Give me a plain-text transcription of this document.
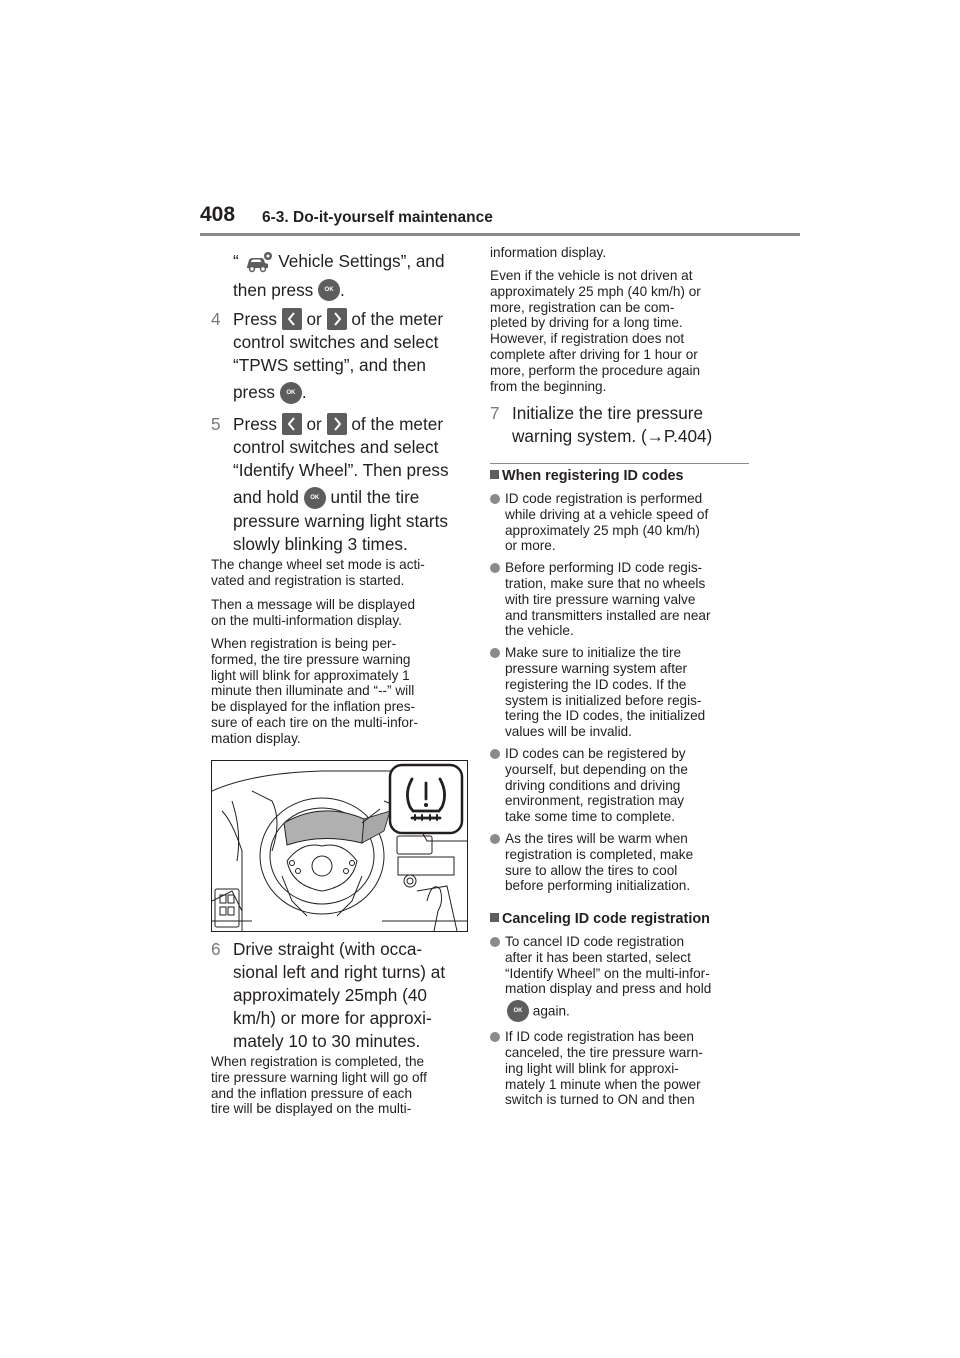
408 6-3. Do-it-yourself maintenance
“  Vehicle Settings”, and
then press OK .
4 Press  or  of the meter
control switches and select
“TPWS setting”, and then
press OK .
5 Press  or  of the meter
control switches and select
“Identify Wheel”. Then press
and hold OK until the tire
pressure warning light starts
slowly blinking 3 times.
The change wheel set mode is acti-
vated and registration is started.
Then a message will be displayed
on the multi-information display.
When registration is being per-
formed, the tire pressure warning
light will blink for approximately 1
minute then illuminate and “--” will
be displayed for the inflation pres-
sure of each tire on the multi-infor-
mation display.
6 Drive straight (with occa-
sional left and right turns) at
approximately 25mph (40
km/h) or more for approxi-
mately 10 to 30 minutes.
When registration is completed, the
tire pressure warning light will go off
and the inflation pressure of each
tire will be displayed on the multi-
information display.
Even if the vehicle is not driven at
approximately 25 mph (40 km/h) or
more, registration can be com-
pleted by driving for a long time.
However, if registration does not
complete after driving for 1 hour or
more, perform the procedure again
from the beginning.
7 Initialize the tire pressure
warning system. (→P.404)
When registering ID codes
ID code registration is performed
while driving at a vehicle speed of
approximately 25 mph (40 km/h)
or more.
Before performing ID code regis-
tration, make sure that no wheels
with tire pressure warning valve
and transmitters installed are near
the vehicle.
Make sure to initialize the tire
pressure warning system after
registering the ID codes. If the
system is initialized before regis-
tering the ID codes, the initialized
values will be invalid.
ID codes can be registered by
yourself, but depending on the
driving conditions and driving
environment, registration may
take some time to complete.
As the tires will be warm when
registration is completed, make
sure to allow the tires to cool
before performing initialization.
Canceling ID code registration
To cancel ID code registration
after it has been started, select
“Identify Wheel” on the multi-infor-
mation display and press and hold
OK again.
If ID code registration has been
canceled, the tire pressure warn-
ing light will blink for approxi-
mately 1 minute when the power
switch is turned to ON and then
